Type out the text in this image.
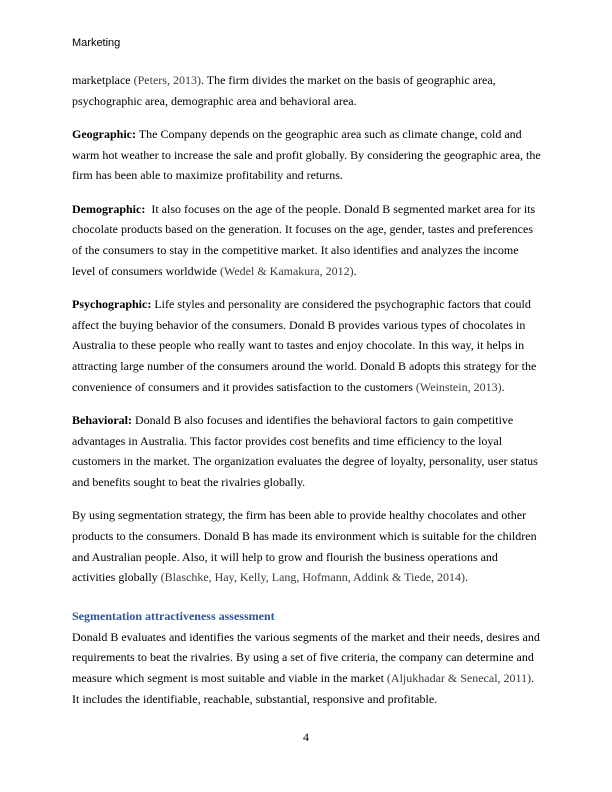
Marketing

marketplace (Peters, 2013). The firm divides the market on the basis of geographic area, psychographic area, demographic area and behavioral area.

Geographic: The Company depends on the geographic area such as climate change, cold and warm hot weather to increase the sale and profit globally. By considering the geographic area, the firm has been able to maximize profitability and returns.

Demographic:  It also focuses on the age of the people. Donald B segmented market area for its chocolate products based on the generation. It focuses on the age, gender, tastes and preferences of the consumers to stay in the competitive market. It also identifies and analyzes the income level of consumers worldwide (Wedel & Kamakura, 2012).

Psychographic: Life styles and personality are considered the psychographic factors that could affect the buying behavior of the consumers. Donald B provides various types of chocolates in Australia to these people who really want to tastes and enjoy chocolate. In this way, it helps in attracting large number of the consumers around the world. Donald B adopts this strategy for the convenience of consumers and it provides satisfaction to the customers (Weinstein, 2013).

Behavioral: Donald B also focuses and identifies the behavioral factors to gain competitive advantages in Australia. This factor provides cost benefits and time efficiency to the loyal customers in the market. The organization evaluates the degree of loyalty, personality, user status and benefits sought to beat the rivalries globally.

By using segmentation strategy, the firm has been able to provide healthy chocolates and other products to the consumers. Donald B has made its environment which is suitable for the children and Australian people. Also, it will help to grow and flourish the business operations and activities globally (Blaschke, Hay, Kelly, Lang, Hofmann, Addink & Tiede, 2014).

Segmentation attractiveness assessment

Donald B evaluates and identifies the various segments of the market and their needs, desires and requirements to beat the rivalries. By using a set of five criteria, the company can determine and measure which segment is most suitable and viable in the market (Aljukhadar & Senecal, 2011). It includes the identifiable, reachable, substantial, responsive and profitable.

4
